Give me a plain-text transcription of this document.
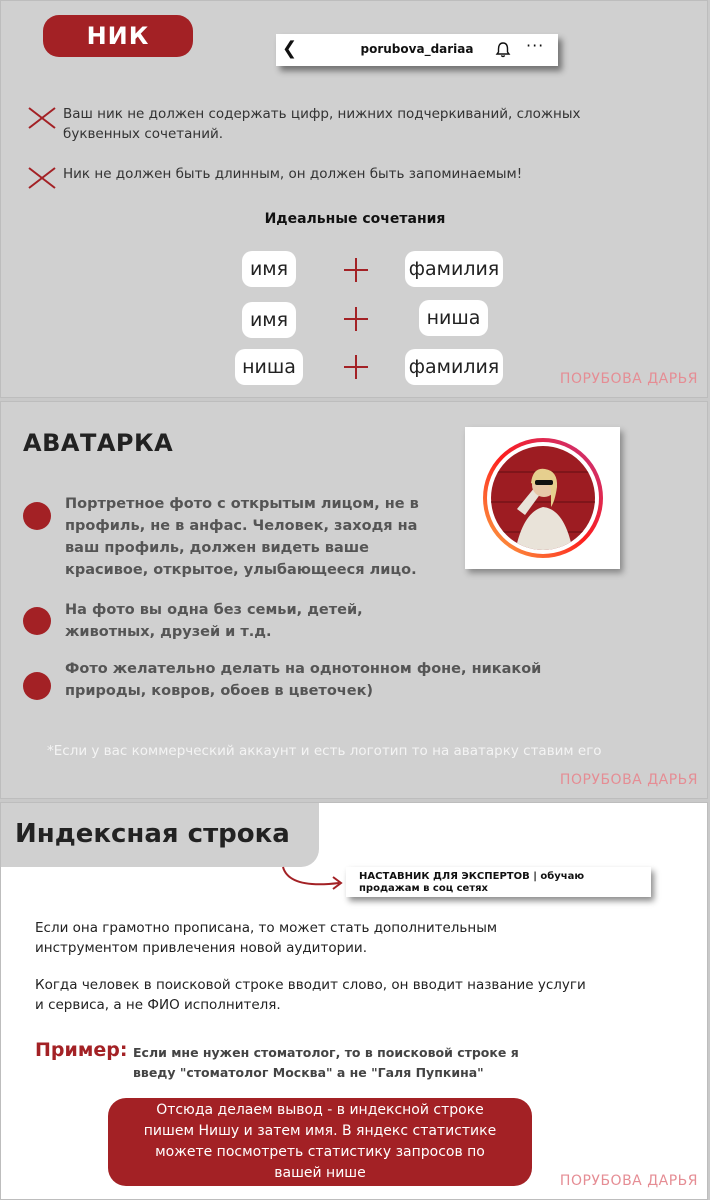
НИК	❮	porubova_dariaa	···
Ваш ник не должен содержать цифр, нижних подчеркиваний, сложных буквенных сочетаний.
Ник не должен быть длинным, он должен быть запоминаемым!
Идеальные сочетания
имя	фамилия
имя	ниша
ниша	фамилия
ПОРУБОВА ДАРЬЯ
АВАТАРКА
Портретное фото с открытым лицом, не в профиль, не в анфас. Человек, заходя на ваш профиль, должен видеть ваше красивое, открытое, улыбающееся лицо.
На фото вы одна без семьи, детей, животных, друзей и т.д.
Фото желательно делать на однотонном фоне, никакой природы, ковров, обоев в цветочек)
*Если у вас коммерческий аккаунт и есть логотип то на аватарку ставим его
ПОРУБОВА ДАРЬЯ
Индексная строка
НАСТАВНИК ДЛЯ ЭКСПЕРТОВ | обучаю продажам в соц сетях
Если она грамотно прописана, то может стать дополнительным инструментом привлечения новой аудитории.
Когда человек в поисковой строке вводит слово, он вводит название услуги и сервиса, а не ФИО исполнителя.
Пример: Если мне нужен стоматолог, то в поисковой строке я введу "стоматолог Москва" а не "Галя Пупкина"
Отсюда делаем вывод - в индексной строке пишем Нишу и затем имя. В яндекс статистике можете посмотреть статистику запросов по вашей нише	ПОРУБОВА ДАРЬЯ
